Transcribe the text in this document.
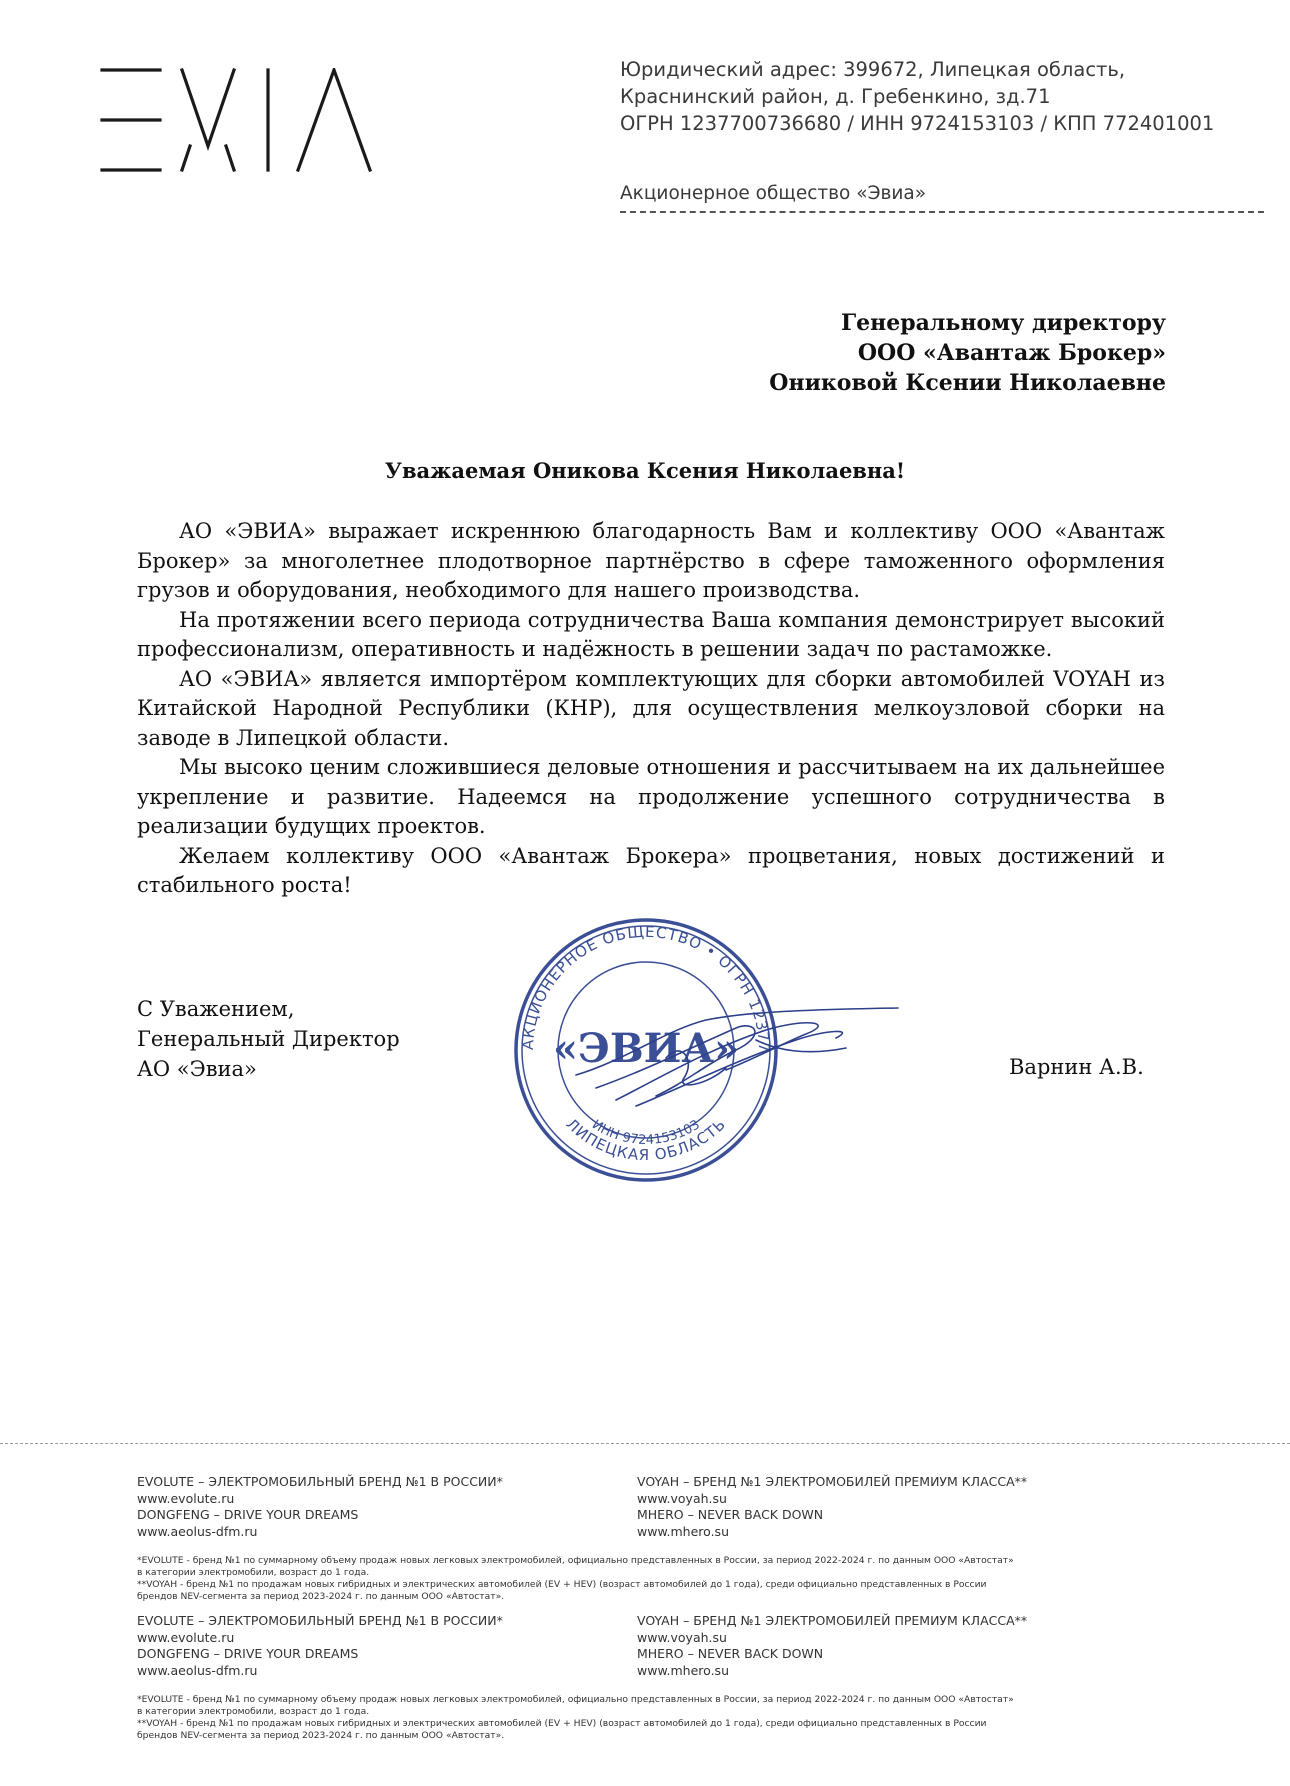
Юридический адрес: 399672, Липецкая область,
Краснинский район, д. Гребенкино, зд.71
ОГРН 1237700736680 / ИНН 9724153103 / КПП 772401001
Акционерное общество «Эвиа»
Генеральному директору
ООО «Авантаж Брокер»
Ониковой Ксении Николаевне
Уважаемая Оникова Ксения Николаевна!

АО «ЭВИА» выражает искреннюю благодарность Вам и коллективу ООО «Авантаж Брокер» за многолетнее плодотворное партнёрство в сфере таможенного оформления грузов и оборудования, необходимого для нашего производства.

На протяжении всего периода сотрудничества Ваша компания демонстрирует высокий профессионализм, оперативность и надёжность в решении задач по растаможке.

АО «ЭВИА» является импортёром комплектующих для сборки автомобилей VOYAH из Китайской Народной Республики (КНР), для осуществления мелкоузловой сборки на заводе в Липецкой области.

Мы высоко ценим сложившиеся деловые отношения и рассчитываем на их дальнейшее укрепление и развитие. Надеемся на продолжение успешного сотрудничества в реализации будущих проектов.

Желаем коллективу ООО «Авантаж Брокера» процветания, новых достижений и стабильного роста!

С Уважением,
Генеральный Директор
АО «Эвиа»	Варнин А.В.
АКЦИОНЕРНОЕ ОБЩЕСТВО • ОГРН 12377
ЛИПЕЦКАЯ ОБЛАСТЬ
ИНН 9724153103
«ЭВИА»
EVOLUTE – ЭЛЕКТРОМОБИЛЬНЫЙ БРЕНД №1 В РОССИИ*
www.evolute.ru
DONGFENG – DRIVE YOUR DREAMS
www.aeolus-dfm.ru
VOYAH – БРЕНД №1 ЭЛЕКТРОМОБИЛЕЙ ПРЕМИУМ КЛАССА**
www.voyah.su
MHERO – NEVER BACK DOWN
www.mhero.su

*EVOLUTE - бренд №1 по суммарному объему продаж новых легковых электромобилей, официально представленных в России, за период 2022-2024 г. по данным ООО «Автостат»

в категории электромобили, возраст до 1 года.

**VOYAH - бренд №1 по продажам новых гибридных и электрических автомобилей (EV + HEV) (возраст автомобилей до 1 года), среди официально представленных в России

брендов NEV-сегмента за период 2023-2024 г. по данным ООО «Автостат».

EVOLUTE – ЭЛЕКТРОМОБИЛЬНЫЙ БРЕНД №1 В РОССИИ*
www.evolute.ru
DONGFENG – DRIVE YOUR DREAMS
www.aeolus-dfm.ru
VOYAH – БРЕНД №1 ЭЛЕКТРОМОБИЛЕЙ ПРЕМИУМ КЛАССА**
www.voyah.su
MHERO – NEVER BACK DOWN
www.mhero.su

*EVOLUTE - бренд №1 по суммарному объему продаж новых легковых электромобилей, официально представленных в России, за период 2022-2024 г. по данным ООО «Автостат»

в категории электромобили, возраст до 1 года.

**VOYAH - бренд №1 по продажам новых гибридных и электрических автомобилей (EV + HEV) (возраст автомобилей до 1 года), среди официально представленных в России

брендов NEV-сегмента за период 2023-2024 г. по данным ООО «Автостат».
